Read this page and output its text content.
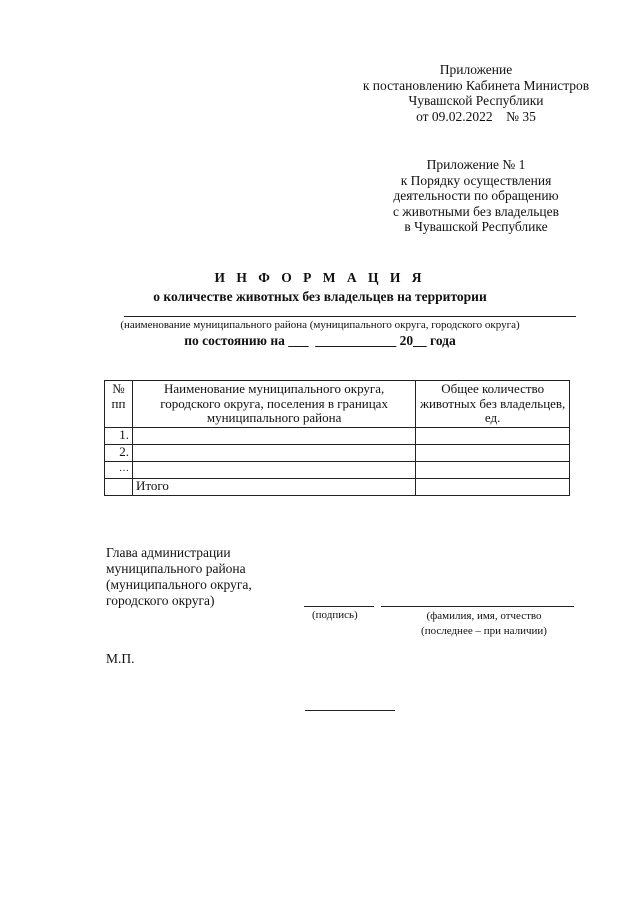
Приложение
к постановлению Кабинета Министров
Чувашской Республики
от 09.02.2022    № 35
Приложение № 1
к Порядку осуществления
деятельности по обращению
с животными без владельцев
в Чувашской Республике
И Н Ф О Р М А Ц И Я
о количестве животных без владельцев на территории
(наименование муниципального района (муниципального округа, городского округа)
по состоянию на ___  ____________ 20__ года
№ пп	Наименование муниципального округа, городского округа, поселения в границах муниципального района	Общее количество животных без владельцев, ед.
1.		
2.		
…		
	Итого	
Глава администрации
муниципального района
(муниципального округа,
городского округа)
(подпись)	(фамилия, имя, отчество
(последнее – при наличии)
М.П.
